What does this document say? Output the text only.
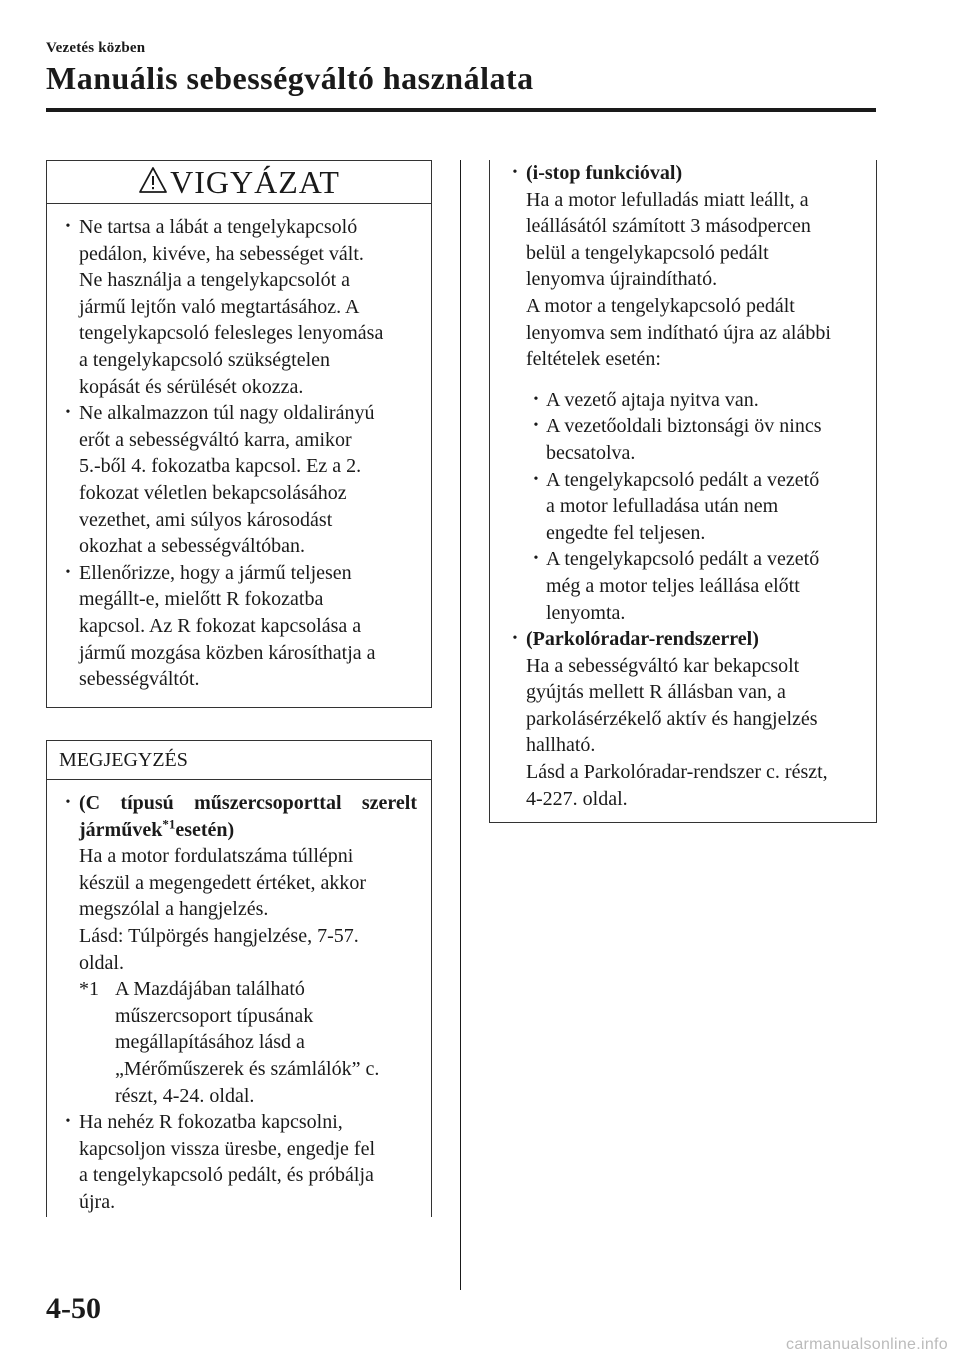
Vezetés közben
Manuális sebességváltó használata
VIGYÁZAT
• Ne tartsa a lábát a tengelykapcsoló

pedálon, kivéve, ha sebességet vált.

Ne használja a tengelykapcsolót a

jármű lejtőn való megtartásához. A

tengelykapcsoló felesleges lenyomása

a tengelykapcsoló szükségtelen

kopását és sérülését okozza.

• Ne alkalmazzon túl nagy oldalirányú

erőt a sebességváltó karra, amikor

5.-ből 4. fokozatba kapcsol. Ez a 2.

fokozat véletlen bekapcsolásához

vezethet, ami súlyos károsodást

okozhat a sebességváltóban.

• Ellenőrizze, hogy a jármű teljesen

megállt-e, mielőtt R fokozatba

kapcsol. Az R fokozat kapcsolása a

jármű mozgása közben károsíthatja a

sebességváltót.

MEGJEGYZÉS
• (C típusú műszercsoporttal szerelt

járművek$^{*1}$esetén)

Ha a motor fordulatszáma túllépni

készül a megengedett értéket, akkor

megszólal a hangjelzés.

Lásd: Túlpörgés hangjelzése, 7-57.

oldal.

*1 A Mazdájában található

műszercsoport típusának

megállapításához lásd a

„Mérőműszerek és számlálók” c.

részt, 4-24. oldal.

• Ha nehéz R fokozatba kapcsolni,

kapcsoljon vissza üresbe, engedje fel

a tengelykapcsoló pedált, és próbálja

újra.

• (i-stop funkcióval)

Ha a motor lefulladás miatt leállt, a

leállásától számított 3 másodpercen

belül a tengelykapcsoló pedált

lenyomva újraindítható.

A motor a tengelykapcsoló pedált

lenyomva sem indítható újra az alábbi

feltételek esetén:

• A vezető ajtaja nyitva van.

• A vezetőoldali biztonsági öv nincs

becsatolva.

• A tengelykapcsoló pedált a vezető

a motor lefulladása után nem

engedte fel teljesen.

• A tengelykapcsoló pedált a vezető

még a motor teljes leállása előtt

lenyomta.

• (Parkolóradar-rendszerrel)

Ha a sebességváltó kar bekapcsolt

gyújtás mellett R állásban van, a

parkolásérzékelő aktív és hangjelzés

hallható.

Lásd a Parkolóradar-rendszer c. részt,

4-227. oldal.

4-50
carmanualsonline.info
